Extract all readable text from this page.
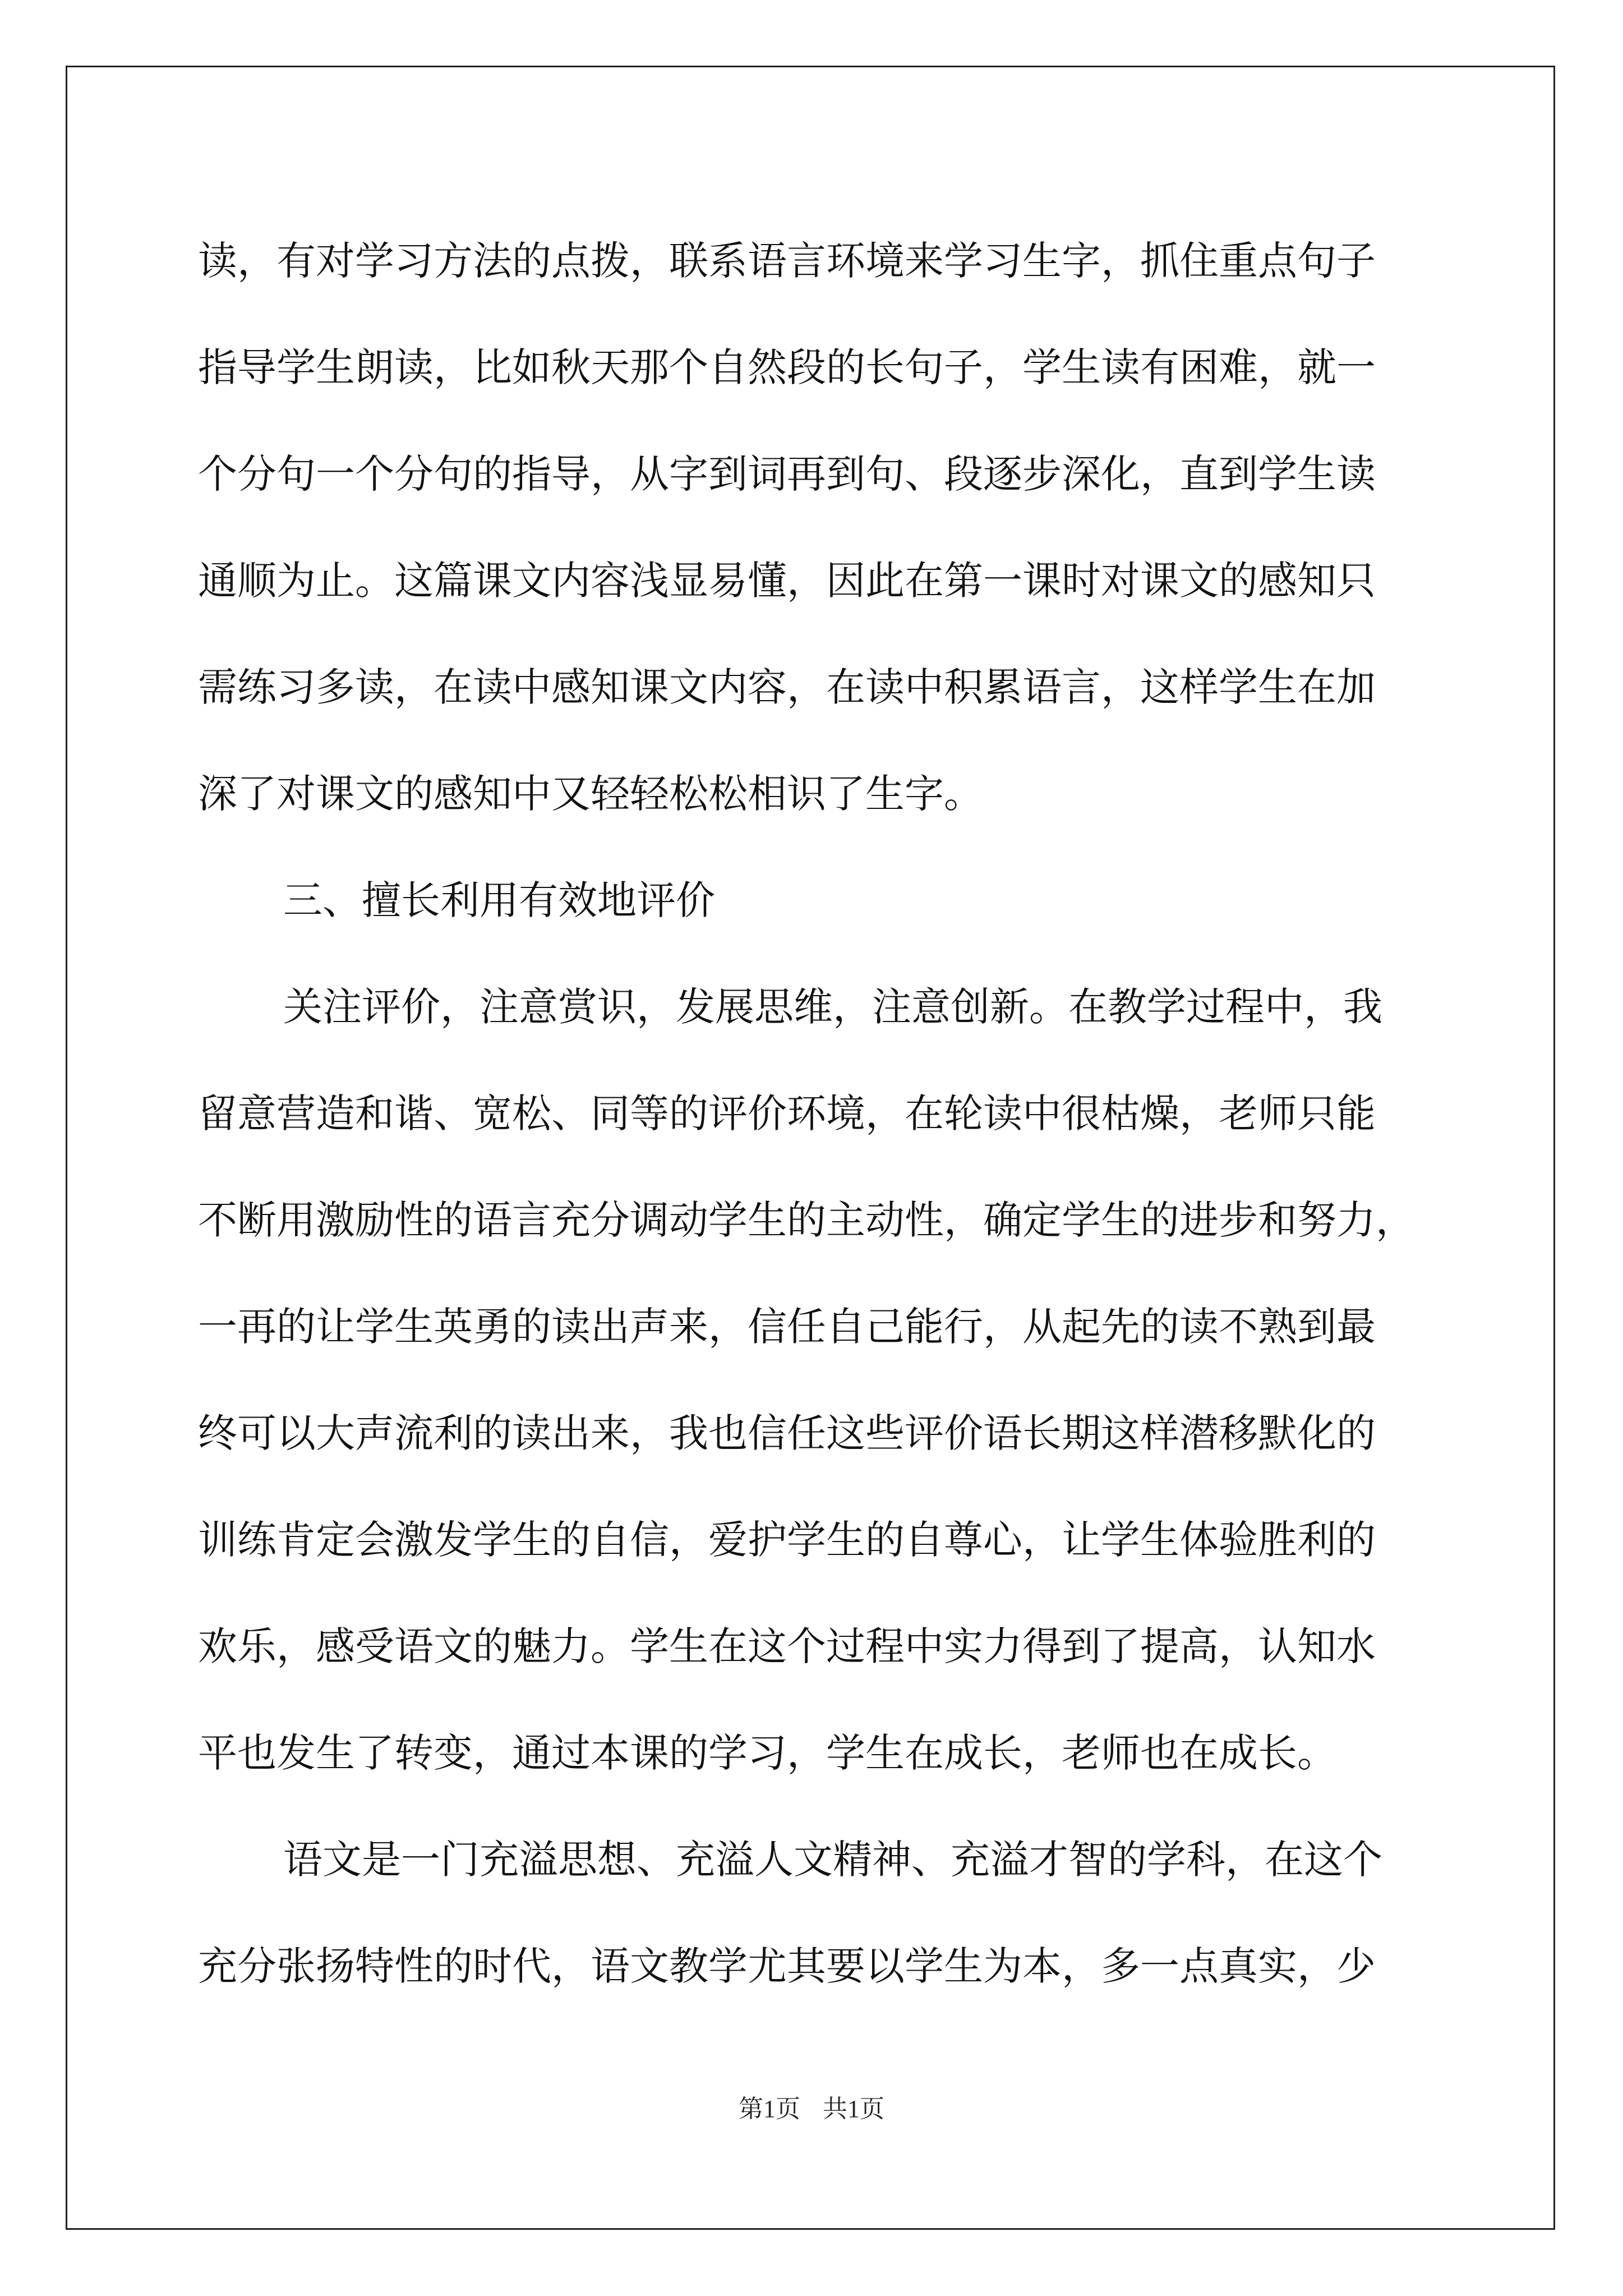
读，有对学习方法的点拨，联系语言环境来学习生字，抓住重点句子
指导学生朗读，比如秋天那个自然段的长句子，学生读有困难，就一
个分句一个分句的指导，从字到词再到句、段逐步深化，直到学生读
通顺为止。这篇课文内容浅显易懂，因此在第一课时对课文的感知只
需练习多读，在读中感知课文内容，在读中积累语言，这样学生在加
深了对课文的感知中又轻轻松松相识了生字。
三、擅长利用有效地评价
关注评价，注意赏识，发展思维，注意创新。在教学过程中，我
留意营造和谐、宽松、同等的评价环境，在轮读中很枯燥，老师只能
不断用激励性的语言充分调动学生的主动性，确定学生的进步和努力，
一再的让学生英勇的读出声来，信任自己能行，从起先的读不熟到最
终可以大声流利的读出来，我也信任这些评价语长期这样潜移默化的
训练肯定会激发学生的自信，爱护学生的自尊心，让学生体验胜利的
欢乐，感受语文的魅力。学生在这个过程中实力得到了提高，认知水
平也发生了转变，通过本课的学习，学生在成长，老师也在成长。
语文是一门充溢思想、充溢人文精神、充溢才智的学科，在这个
充分张扬特性的时代，语文教学尤其要以学生为本，多一点真实，少
第1页 共1页
